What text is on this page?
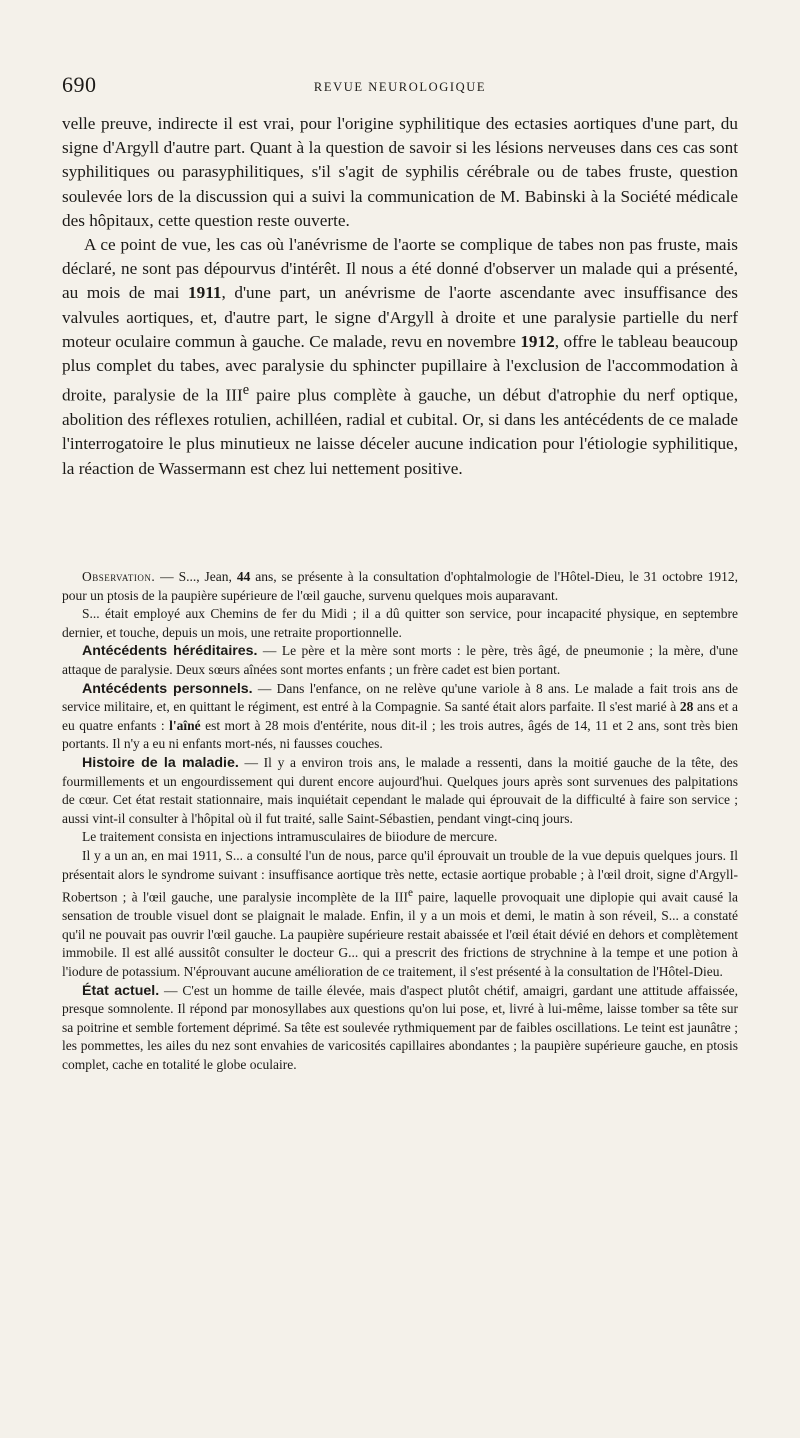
690	REVUE NEUROLOGIQUE

velle preuve, indirecte il est vrai, pour l'origine syphilitique des ectasies aortiques d'une part, du signe d'Argyll d'autre part. Quant à la question de savoir si les lésions nerveuses dans ces cas sont syphilitiques ou parasyphilitiques, s'il s'agit de syphilis cérébrale ou de tabes fruste, question soulevée lors de la discussion qui a suivi la communication de M. Babinski à la Société médicale des hôpitaux, cette question reste ouverte.

A ce point de vue, les cas où l'anévrisme de l'aorte se complique de tabes non pas fruste, mais déclaré, ne sont pas dépourvus d'intérêt. Il nous a été donné d'observer un malade qui a présenté, au mois de mai 1911, d'une part, un anévrisme de l'aorte ascendante avec insuffisance des valvules aortiques, et, d'autre part, le signe d'Argyll à droite et une paralysie partielle du nerf moteur oculaire commun à gauche. Ce malade, revu en novembre 1912, offre le tableau beaucoup plus complet du tabes, avec paralysie du sphincter pupillaire à l'exclusion de l'accommodation à droite, paralysie de la IIIe paire plus complète à gauche, un début d'atrophie du nerf optique, abolition des réflexes rotulien, achilléen, radial et cubital. Or, si dans les antécédents de ce malade l'interrogatoire le plus minutieux ne laisse déceler aucune indication pour l'étiologie syphilitique, la réaction de Wassermann est chez lui nettement positive.

Observation. — S..., Jean, 44 ans, se présente à la consultation d'ophtalmologie de l'Hôtel-Dieu, le 31 octobre 1912, pour un ptosis de la paupière supérieure de l'œil gauche, survenu quelques mois auparavant.

S... était employé aux Chemins de fer du Midi ; il a dû quitter son service, pour incapacité physique, en septembre dernier, et touche, depuis un mois, une retraite proportionnelle.

Antécédents héréditaires. — Le père et la mère sont morts : le père, très âgé, de pneumonie ; la mère, d'une attaque de paralysie. Deux sœurs aînées sont mortes enfants ; un frère cadet est bien portant.

Antécédents personnels. — Dans l'enfance, on ne relève qu'une variole à 8 ans. Le malade a fait trois ans de service militaire, et, en quittant le régiment, est entré à la Compagnie. Sa santé était alors parfaite. Il s'est marié à 28 ans et a eu quatre enfants : l'aîné est mort à 28 mois d'entérite, nous dit-il ; les trois autres, âgés de 14, 11 et 2 ans, sont très bien portants. Il n'y a eu ni enfants mort-nés, ni fausses couches.

Histoire de la maladie. — Il y a environ trois ans, le malade a ressenti, dans la moitié gauche de la tête, des fourmillements et un engourdissement qui durent encore aujourd'hui. Quelques jours après sont survenues des palpitations de cœur. Cet état restait stationnaire, mais inquiétait cependant le malade qui éprouvait de la difficulté à faire son service ; aussi vint-il consulter à l'hôpital où il fut traité, salle Saint-Sébastien, pendant vingt-cinq jours.

Le traitement consista en injections intramusculaires de biiodure de mercure.

Il y a un an, en mai 1911, S... a consulté l'un de nous, parce qu'il éprouvait un trouble de la vue depuis quelques jours. Il présentait alors le syndrome suivant : insuffisance aortique très nette, ectasie aortique probable ; à l'œil droit, signe d'Argyll-Robertson ; à l'œil gauche, une paralysie incomplète de la IIIe paire, laquelle provoquait une diplopie qui avait causé la sensation de trouble visuel dont se plaignait le malade. Enfin, il y a un mois et demi, le matin à son réveil, S... a constaté qu'il ne pouvait pas ouvrir l'œil gauche. La paupière supérieure restait abaissée et l'œil était dévié en dehors et complètement immobile. Il est allé aussitôt consulter le docteur G... qui a prescrit des frictions de strychnine à la tempe et une potion à l'iodure de potassium. N'éprouvant aucune amélioration de ce traitement, il s'est présenté à la consultation de l'Hôtel-Dieu.

État actuel. — C'est un homme de taille élevée, mais d'aspect plutôt chétif, amaigri, gardant une attitude affaissée, presque somnolente. Il répond par monosyllabes aux questions qu'on lui pose, et, livré à lui-même, laisse tomber sa tête sur sa poitrine et semble fortement déprimé. Sa tête est soulevée rythmiquement par de faibles oscillations. Le teint est jaunâtre ; les pommettes, les ailes du nez sont envahies de varicosités capillaires abondantes ; la paupière supérieure gauche, en ptosis complet, cache en totalité le globe oculaire.
